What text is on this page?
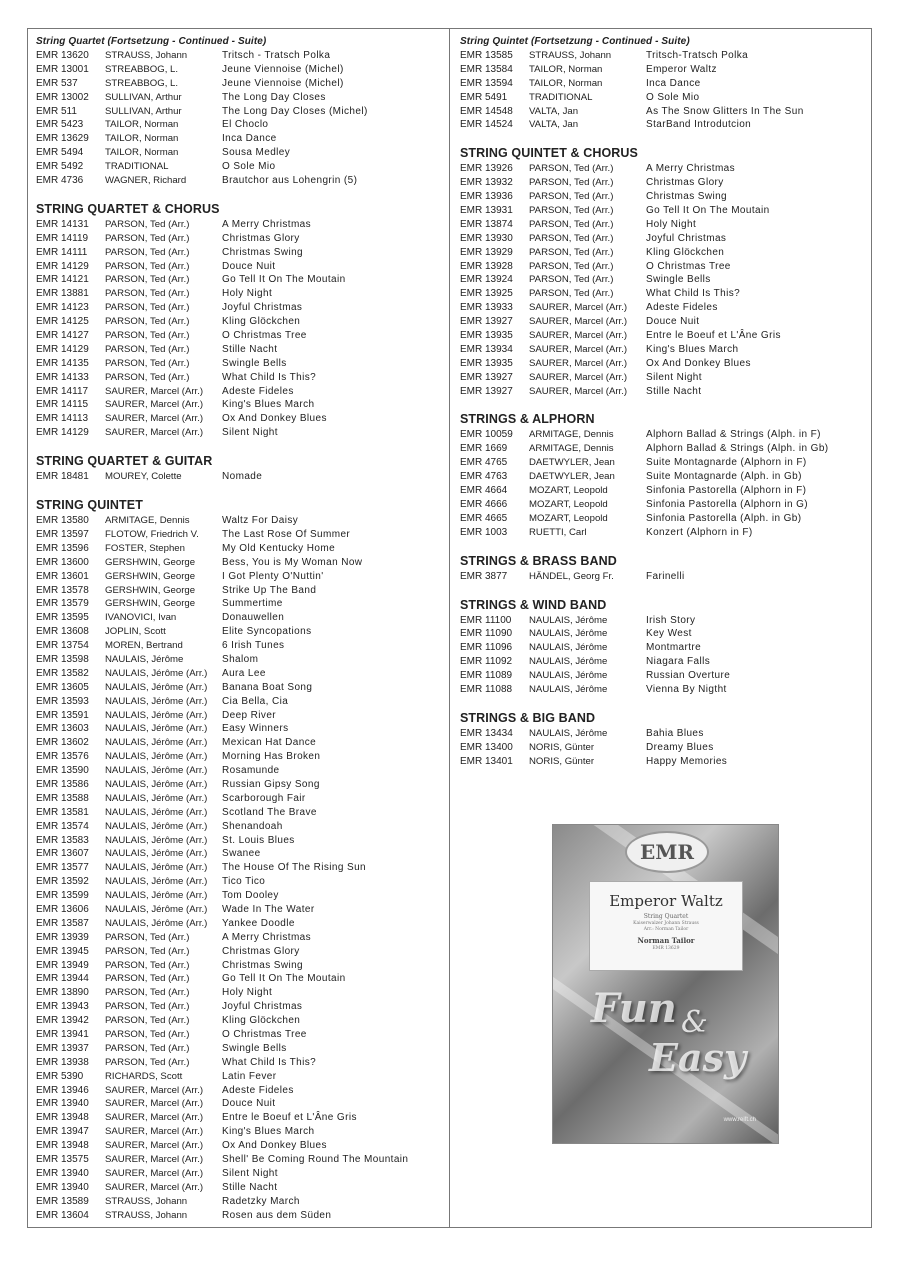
String Quartet (Fortsetzung - Continued - Suite)
EMR 13620	STRAUSS, Johann	Tritsch - Tratsch Polka
EMR 13001	STREABBOG, L.	Jeune Viennoise (Michel)
EMR 537	STREABBOG, L.	Jeune Viennoise (Michel)
EMR 13002	SULLIVAN, Arthur	The Long Day Closes
EMR 511	SULLIVAN, Arthur	The Long Day Closes (Michel)
EMR 5423	TAILOR, Norman	El Choclo
EMR 13629	TAILOR, Norman	Inca Dance
EMR 5494	TAILOR, Norman	Sousa Medley
EMR 5492	TRADITIONAL	O Sole Mio
EMR 4736	WAGNER, Richard	Brautchor aus Lohengrin (5)
STRING QUARTET & CHORUS
EMR 14131	PARSON, Ted (Arr.)	A Merry Christmas
EMR 14119	PARSON, Ted (Arr.)	Christmas Glory
EMR 14111	PARSON, Ted (Arr.)	Christmas Swing
EMR 14129	PARSON, Ted (Arr.)	Douce Nuit
EMR 14121	PARSON, Ted (Arr.)	Go Tell It On The Moutain
EMR 13881	PARSON, Ted (Arr.)	Holy Night
EMR 14123	PARSON, Ted (Arr.)	Joyful Christmas
EMR 14125	PARSON, Ted (Arr.)	Kling Glöckchen
EMR 14127	PARSON, Ted (Arr.)	O Christmas Tree
EMR 14129	PARSON, Ted (Arr.)	Stille Nacht
EMR 14135	PARSON, Ted (Arr.)	Swingle Bells
EMR 14133	PARSON, Ted (Arr.)	What Child Is This?
EMR 14117	SAURER, Marcel (Arr.)	Adeste Fideles
EMR 14115	SAURER, Marcel (Arr.)	King's Blues March
EMR 14113	SAURER, Marcel (Arr.)	Ox And Donkey Blues
EMR 14129	SAURER, Marcel (Arr.)	Silent Night
STRING QUARTET & GUITAR
EMR 18481	MOUREY, Colette	Nomade
STRING QUINTET
EMR 13580	ARMITAGE, Dennis	Waltz For Daisy
EMR 13597	FLOTOW, Friedrich V.	The Last Rose Of Summer
EMR 13596	FOSTER, Stephen	My Old Kentucky Home
EMR 13600	GERSHWIN, George	Bess, You is My Woman Now
EMR 13601	GERSHWIN, George	I Got Plenty O'Nuttin'
EMR 13578	GERSHWIN, George	Strike Up The Band
EMR 13579	GERSHWIN, George	Summertime
EMR 13595	IVANOVICI, Ivan	Donauwellen
EMR 13608	JOPLIN, Scott	Elite Syncopations
EMR 13754	MOREN, Bertrand	6 Irish Tunes
EMR 13598	NAULAIS, Jérôme	Shalom
EMR 13582	NAULAIS, Jérôme (Arr.)	Aura Lee
EMR 13605	NAULAIS, Jérôme (Arr.)	Banana Boat Song
EMR 13593	NAULAIS, Jérôme (Arr.)	Cia Bella, Cia
EMR 13591	NAULAIS, Jérôme (Arr.)	Deep River
EMR 13603	NAULAIS, Jérôme (Arr.)	Easy Winners
EMR 13602	NAULAIS, Jérôme (Arr.)	Mexican Hat Dance
EMR 13576	NAULAIS, Jérôme (Arr.)	Morning Has Broken
EMR 13590	NAULAIS, Jérôme (Arr.)	Rosamunde
EMR 13586	NAULAIS, Jérôme (Arr.)	Russian Gipsy Song
EMR 13588	NAULAIS, Jérôme (Arr.)	Scarborough Fair
EMR 13581	NAULAIS, Jérôme (Arr.)	Scotland The Brave
EMR 13574	NAULAIS, Jérôme (Arr.)	Shenandoah
EMR 13583	NAULAIS, Jérôme (Arr.)	St. Louis Blues
EMR 13607	NAULAIS, Jérôme (Arr.)	Swanee
EMR 13577	NAULAIS, Jérôme (Arr.)	The House Of The Rising Sun
EMR 13592	NAULAIS, Jérôme (Arr.)	Tico Tico
EMR 13599	NAULAIS, Jérôme (Arr.)	Tom Dooley
EMR 13606	NAULAIS, Jérôme (Arr.)	Wade In The Water
EMR 13587	NAULAIS, Jérôme (Arr.)	Yankee Doodle
EMR 13939	PARSON, Ted (Arr.)	A Merry Christmas
EMR 13945	PARSON, Ted (Arr.)	Christmas Glory
EMR 13949	PARSON, Ted (Arr.)	Christmas Swing
EMR 13944	PARSON, Ted (Arr.)	Go Tell It On The Moutain
EMR 13890	PARSON, Ted (Arr.)	Holy Night
EMR 13943	PARSON, Ted (Arr.)	Joyful Christmas
EMR 13942	PARSON, Ted (Arr.)	Kling Glöckchen
EMR 13941	PARSON, Ted (Arr.)	O Christmas Tree
EMR 13937	PARSON, Ted (Arr.)	Swingle Bells
EMR 13938	PARSON, Ted (Arr.)	What Child Is This?
EMR 5390	RICHARDS, Scott	Latin Fever
EMR 13946	SAURER, Marcel (Arr.)	Adeste Fideles
EMR 13940	SAURER, Marcel (Arr.)	Douce Nuit
EMR 13948	SAURER, Marcel (Arr.)	Entre le Boeuf et L'Âne Gris
EMR 13947	SAURER, Marcel (Arr.)	King's Blues March
EMR 13948	SAURER, Marcel (Arr.)	Ox And Donkey Blues
EMR 13575	SAURER, Marcel (Arr.)	Shell' Be Coming Round The Mountain
EMR 13940	SAURER, Marcel (Arr.)	Silent Night
EMR 13940	SAURER, Marcel (Arr.)	Stille Nacht
EMR 13589	STRAUSS, Johann	Radetzky March
EMR 13604	STRAUSS, Johann	Rosen aus dem Süden
String Quintet (Fortsetzung - Continued - Suite)
EMR 13585	STRAUSS, Johann	Tritsch-Tratsch Polka
EMR 13584	TAILOR, Norman	Emperor Waltz
EMR 13594	TAILOR, Norman	Inca Dance
EMR 5491	TRADITIONAL	O Sole Mio
EMR 14548	VALTA, Jan	As The Snow Glitters In The Sun
EMR 14524	VALTA, Jan	StarBand Introdutcion
STRING QUINTET & CHORUS
EMR 13926	PARSON, Ted (Arr.)	A Merry Christmas
EMR 13932	PARSON, Ted (Arr.)	Christmas Glory
EMR 13936	PARSON, Ted (Arr.)	Christmas Swing
EMR 13931	PARSON, Ted (Arr.)	Go Tell It On The Moutain
EMR 13874	PARSON, Ted (Arr.)	Holy Night
EMR 13930	PARSON, Ted (Arr.)	Joyful Christmas
EMR 13929	PARSON, Ted (Arr.)	Kling Glöckchen
EMR 13928	PARSON, Ted (Arr.)	O Christmas Tree
EMR 13924	PARSON, Ted (Arr.)	Swingle Bells
EMR 13925	PARSON, Ted (Arr.)	What Child Is This?
EMR 13933	SAURER, Marcel (Arr.)	Adeste Fideles
EMR 13927	SAURER, Marcel (Arr.)	Douce Nuit
EMR 13935	SAURER, Marcel (Arr.)	Entre le Boeuf et L'Âne Gris
EMR 13934	SAURER, Marcel (Arr.)	King's Blues March
EMR 13935	SAURER, Marcel (Arr.)	Ox And Donkey Blues
EMR 13927	SAURER, Marcel (Arr.)	Silent Night
EMR 13927	SAURER, Marcel (Arr.)	Stille Nacht
STRINGS & ALPHORN
EMR 10059	ARMITAGE, Dennis	Alphorn Ballad & Strings (Alph. in F)
EMR 1669	ARMITAGE, Dennis	Alphorn Ballad & Strings (Alph. in Gb)
EMR 4765	DAETWYLER, Jean	Suite Montagnarde (Alphorn in F)
EMR 4763	DAETWYLER, Jean	Suite Montagnarde (Alph. in Gb)
EMR 4664	MOZART, Leopold	Sinfonia Pastorella (Alphorn in F)
EMR 4666	MOZART, Leopold	Sinfonia Pastorella (Alphorn in G)
EMR 4665	MOZART, Leopold	Sinfonia Pastorella (Alph. in Gb)
EMR 1003	RUETTI, Carl	Konzert (Alphorn in F)
STRINGS & BRASS BAND
EMR 3877	HÄNDEL, Georg Fr.	Farinelli
STRINGS & WIND BAND
EMR 11100	NAULAIS, Jérôme	Irish Story
EMR 11090	NAULAIS, Jérôme	Key West
EMR 11096	NAULAIS, Jérôme	Montmartre
EMR 11092	NAULAIS, Jérôme	Niagara Falls
EMR 11089	NAULAIS, Jérôme	Russian Overture
EMR 11088	NAULAIS, Jérôme	Vienna By Nigtht
STRINGS & BIG BAND
EMR 13434	NAULAIS, Jérôme	Bahia Blues
EMR 13400	NORIS, Günter	Dreamy Blues
EMR 13401	NORIS, Günter	Happy Memories
EMR
Emperor Waltz
String Quartet
Kaiserwalzer Johann Strauss
Arr.: Norman Tailor
Norman Tailor
EMR 13629
Fun &
Easy
www.reift.ch
